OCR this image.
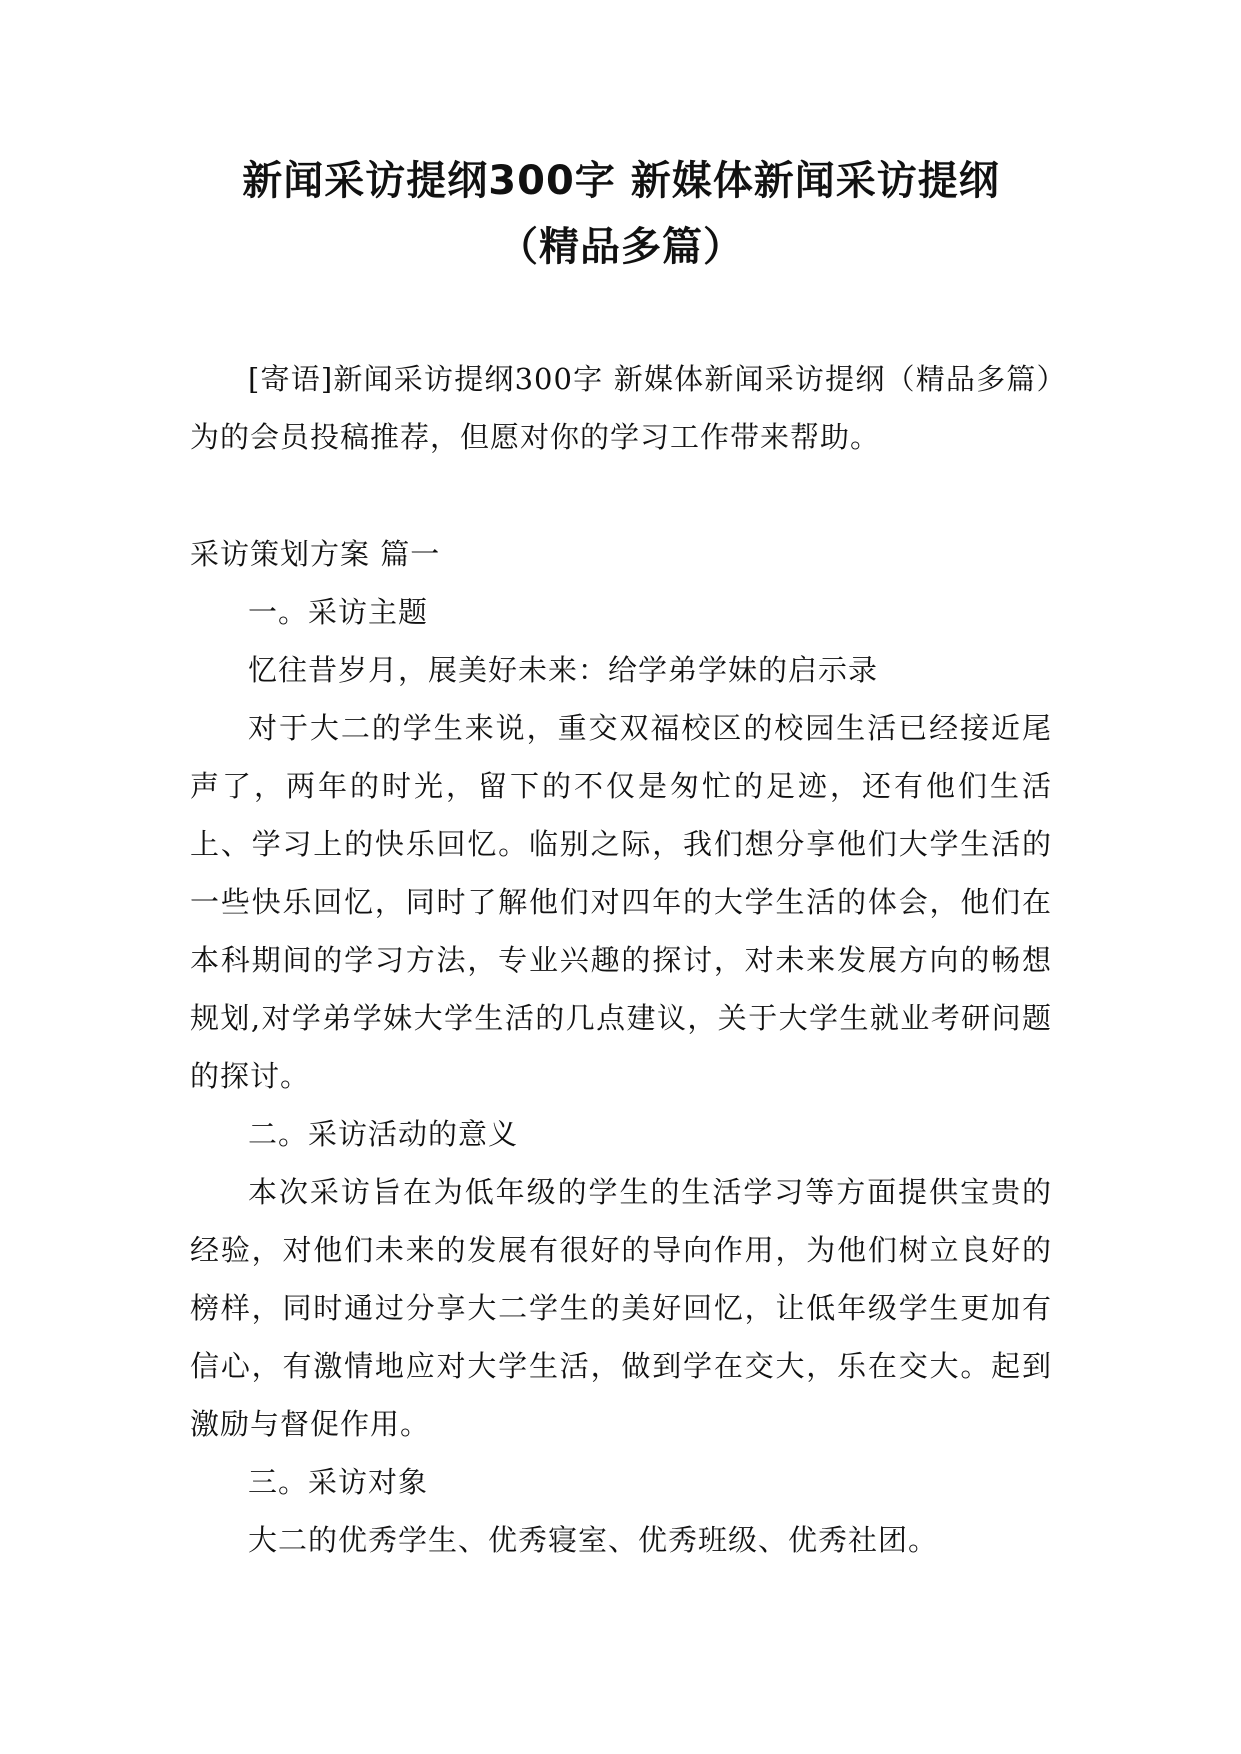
新闻采访提纲300字 新媒体新闻采访提纲
（精品多篇）

[寄语]新闻采访提纲300字 新媒体新闻采访提纲（精品多篇）为的会员投稿推荐，但愿对你的学习工作带来帮助。

采访策划方案 篇一

一。采访主题

忆往昔岁月，展美好未来：给学弟学妹的启示录

对于大二的学生来说，重交双福校区的校园生活已经接近尾声了，两年的时光，留下的不仅是匆忙的足迹，还有他们生活上、学习上的快乐回忆。临别之际，我们想分享他们大学生活的一些快乐回忆，同时了解他们对四年的大学生活的体会，他们在本科期间的学习方法，专业兴趣的探讨，对未来发展方向的畅想规划,对学弟学妹大学生活的几点建议，关于大学生就业考研问题的探讨。

二。采访活动的意义

本次采访旨在为低年级的学生的生活学习等方面提供宝贵的经验，对他们未来的发展有很好的导向作用，为他们树立良好的榜样，同时通过分享大二学生的美好回忆，让低年级学生更加有信心，有激情地应对大学生活，做到学在交大，乐在交大。起到激励与督促作用。

三。采访对象

大二的优秀学生、优秀寝室、优秀班级、优秀社团。
